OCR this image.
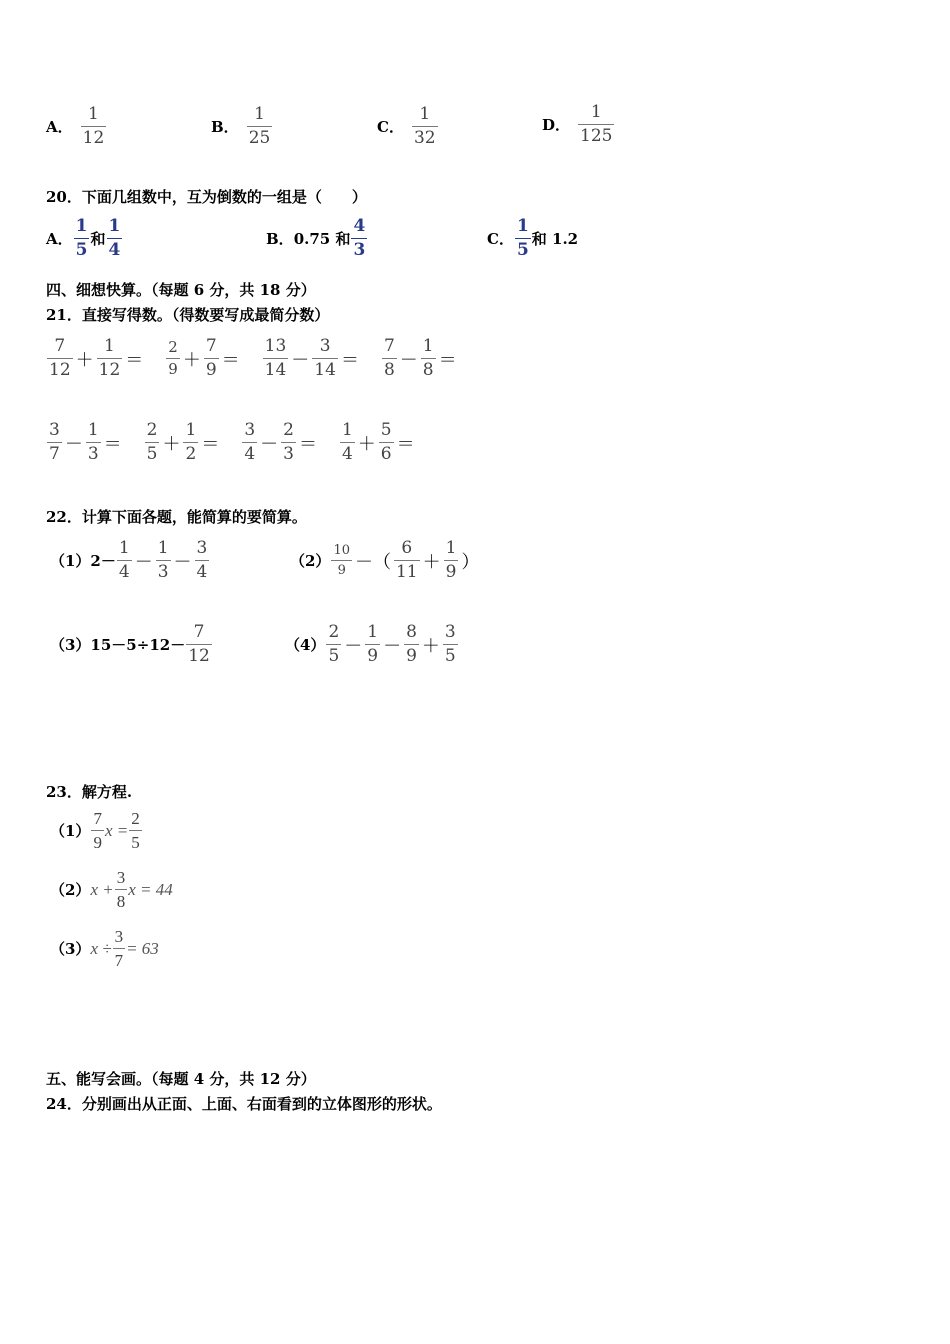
A． $\frac{1}{12}$	B． $\frac{1}{25}$	C． $\frac{1}{32}$	D． $\frac{1}{125}$
20．下面几组数中，互为倒数的一组是（　　）
A． $\frac{1}{5}$ 和 $\frac{1}{4}$	B． 0.75 和 $\frac{4}{3}$	C． $\frac{1}{5}$ 和 1.2
四、细想快算。（每题 6 分，共 18 分）
21．直接写得数。（得数要写成最简分数）
$\frac{7}{12} + \frac{1}{12} = \frac{2}{9} + \frac{7}{9} = \frac{13}{14} - \frac{3}{14} = \frac{7}{8} - \frac{1}{8}$ ＝
$\frac{3}{7} - \frac{1}{3} = \frac{2}{5} + \frac{1}{2} = \frac{3}{4} - \frac{2}{3} = \frac{1}{4} + \frac{5}{6}$ ＝
22．计算下面各题，能简算的要简算。
$(1)2- \frac{1}{4} - \frac{1}{3} - \frac{3}{4}$	$(2) \frac{10}{9}$ －（ $\frac{6}{11} + \frac{1}{9}$ ）
$(3)15-5\div 12- \frac{7}{12}$	$(4) \frac{2}{5} - \frac{1}{9} - \frac{8}{9} + \frac{3}{5}$
23．解方程.
$(1) \frac{7}{9}$ $x = \frac{2}{5}$
（2） $x + \frac{3}{8}$ x = 44
（3） $x \div \frac{3}{7} = 63$
五、能写会画。（每题 4 分，共 12 分）
24．分别画出从正面、上面、右面看到的立体图形的形状。
